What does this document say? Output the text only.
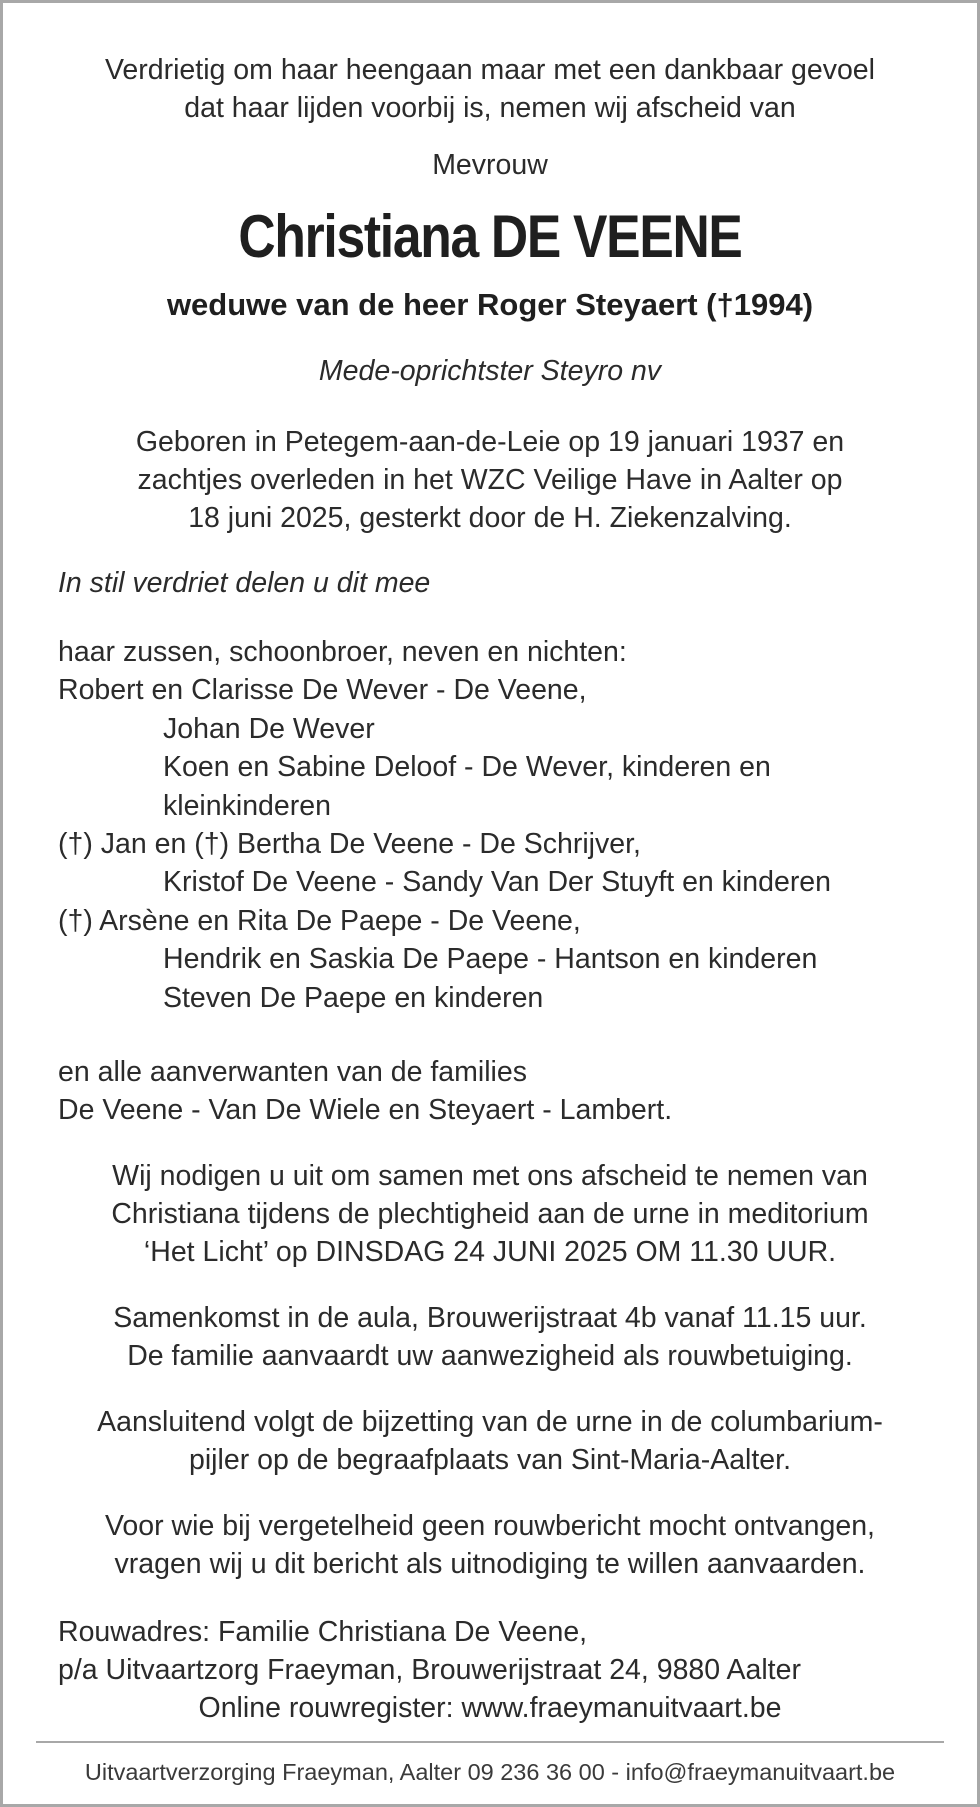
Verdrietig om haar heengaan maar met een dankbaar gevoel

dat haar lijden voorbij is, nemen wij afscheid van

Mevrouw
Christiana DE VEENE
weduwe van de heer Roger Steyaert (†1994)
Mede-oprichtster Steyro nv

Geboren in Petegem-aan-de-Leie op 19 januari 1937 en

zachtjes overleden in het WZC Veilige Have in Aalter op

18 juni 2025, gesterkt door de H. Ziekenzalving.

In stil verdriet delen u dit mee
haar zussen, schoonbroer, neven en nichten:
Robert en Clarisse De Wever - De Veene,
Johan De Wever
Koen en Sabine Deloof - De Wever, kinderen en kleinkinderen
(†) Jan en (†) Bertha De Veene - De Schrijver,
Kristof De Veene - Sandy Van Der Stuyft en kinderen
(†) Arsène en Rita De Paepe - De Veene,
Hendrik en Saskia De Paepe - Hantson en kinderen
Steven De Paepe en kinderen

en alle aanverwanten van de families

De Veene - Van De Wiele en Steyaert - Lambert.

Wij nodigen u uit om samen met ons afscheid te nemen van

Christiana tijdens de plechtigheid aan de urne in meditorium

‘Het Licht’ op DINSDAG 24 JUNI 2025 OM 11.30 UUR.

Samenkomst in de aula, Brouwerijstraat 4b vanaf 11.15 uur.

De familie aanvaardt uw aanwezigheid als rouwbetuiging.

Aansluitend volgt de bijzetting van de urne in de columbarium-

pijler op de begraafplaats van Sint-Maria-Aalter.

Voor wie bij vergetelheid geen rouwbericht mocht ontvangen,

vragen wij u dit bericht als uitnodiging te willen aanvaarden.

Rouwadres: Familie Christiana De Veene,

p/a Uitvaartzorg Fraeyman, Brouwerijstraat 24, 9880 Aalter

Online rouwregister: www.fraeymanuitvaart.be

Uitvaartverzorging Fraeyman, Aalter 09 236 36 00 - info@fraeymanuitvaart.be
